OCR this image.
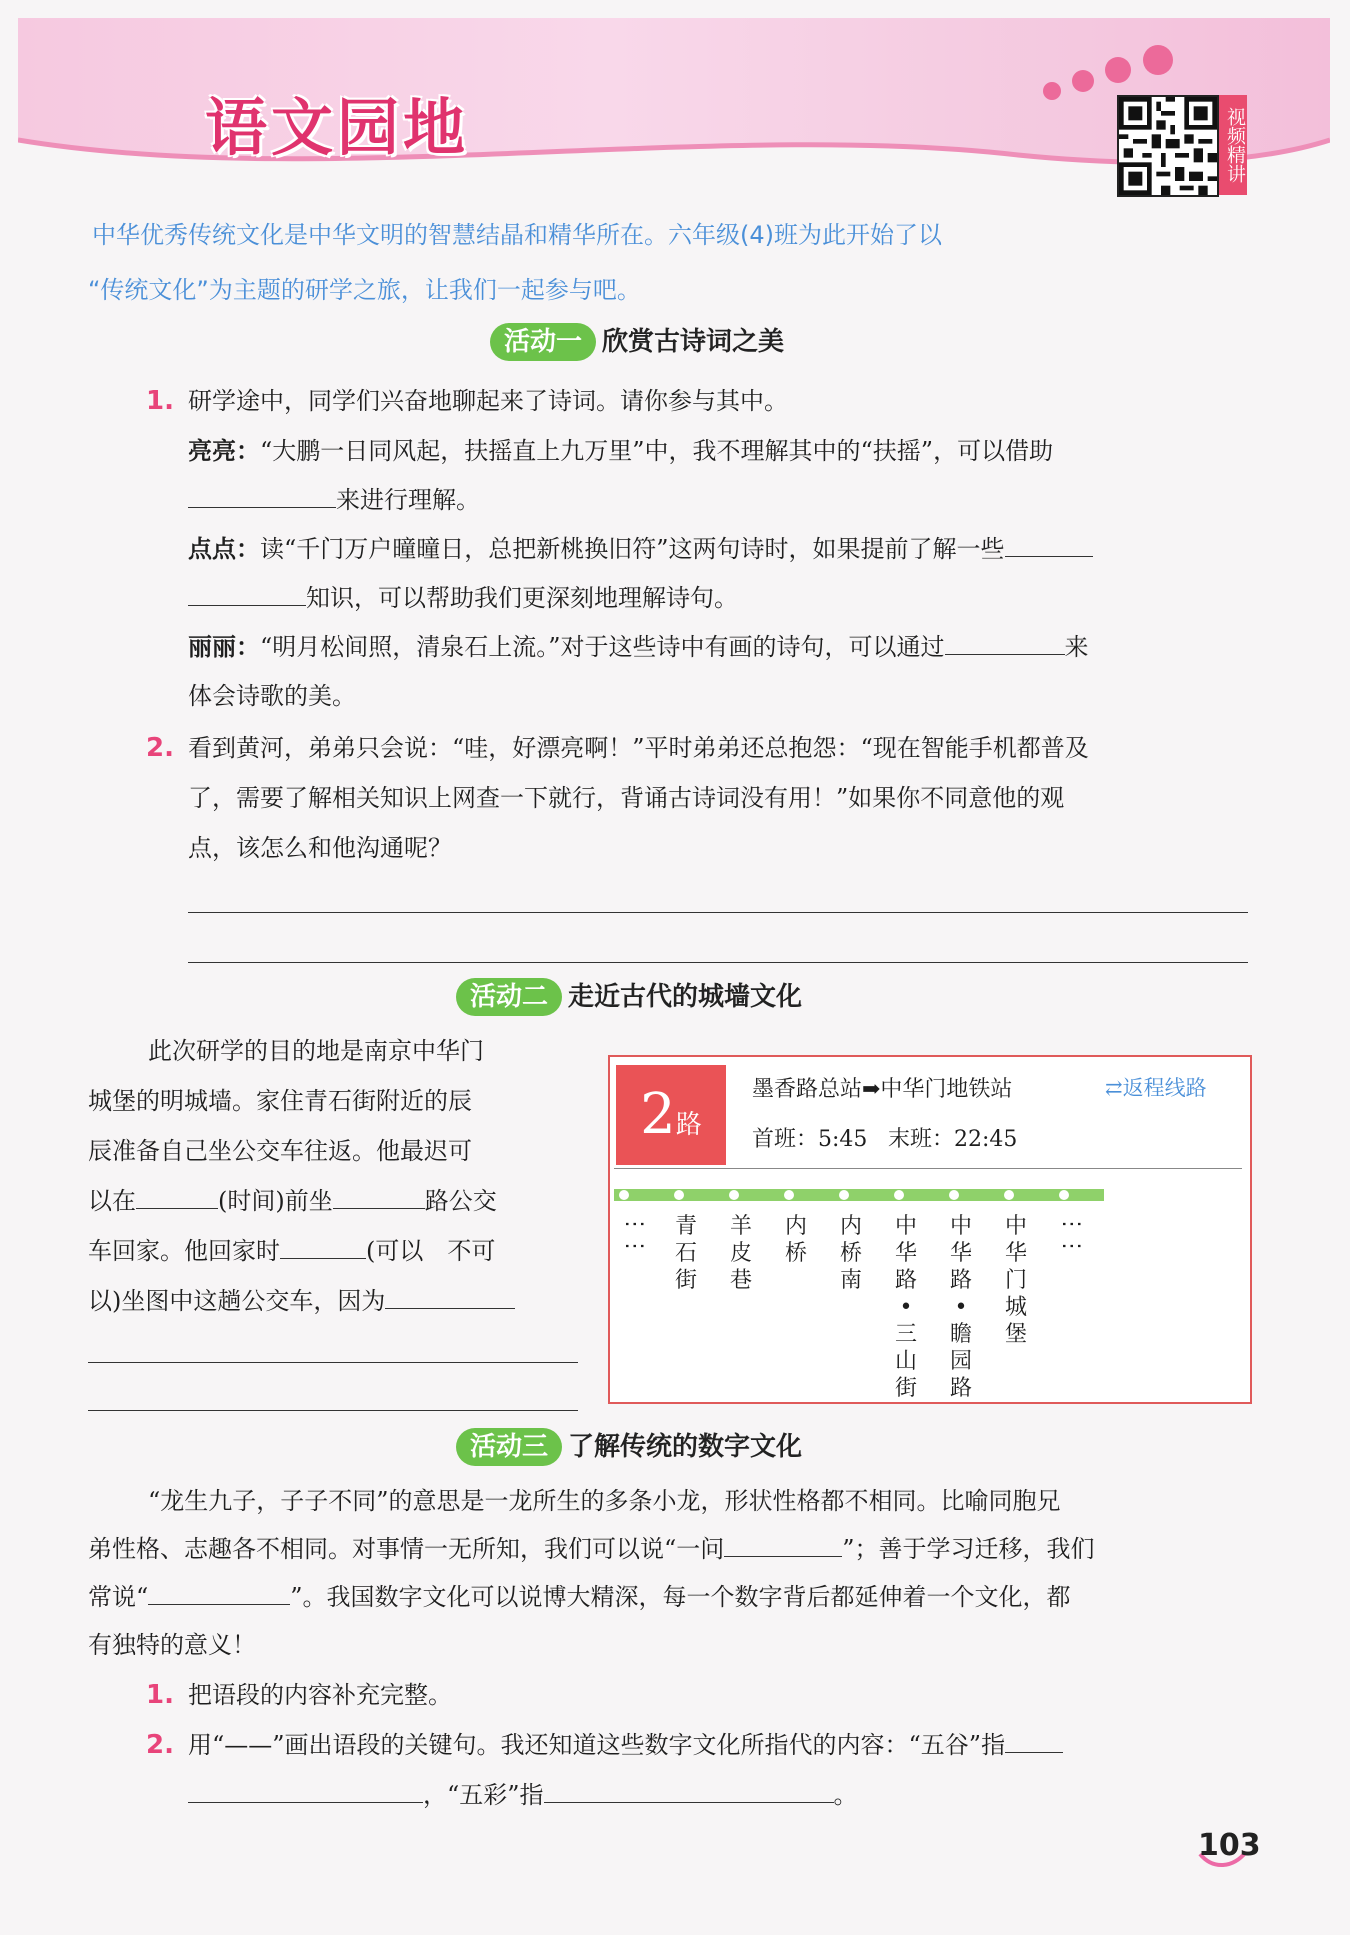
语文园地	视频精讲
中华优秀传统文化是中华文明的智慧结晶和精华所在。六年级(4)班为此开始了以
“传统文化”为主题的研学之旅，让我们一起参与吧。
活动一 欣赏古诗词之美
1. 研学途中，同学们兴奋地聊起来了诗词。请你参与其中。
亮亮：“大鹏一日同风起，扶摇直上九万里”中，我不理解其中的“扶摇”，可以借助
来进行理解。
点点：读“千门万户曈曈日，总把新桃换旧符”这两句诗时，如果提前了解一些
知识，可以帮助我们更深刻地理解诗句。
丽丽：“明月松间照，清泉石上流。”对于这些诗中有画的诗句，可以通过	来
体会诗歌的美。
2. 看到黄河，弟弟只会说：“哇，好漂亮啊！”平时弟弟还总抱怨：“现在智能手机都普及
了，需要了解相关知识上网查一下就行，背诵古诗词没有用！”如果你不同意他的观
点，该怎么和他沟通呢？
活动二 走近古代的城墙文化
此次研学的目的地是南京中华门
城堡的明城墙。家住青石街附近的辰
辰准备自己坐公交车往返。他最迟可
以在	(时间)前坐	路公交
车回家。他回家时	(可以　不可
以)坐图中这趟公交车，因为
2路
墨香路总站➡中华门地铁站	⇄返程线路
首班：5:45 末班：22:45
⋮⋮ 青石街
羊皮巷
内桥
内桥南
中华路•三山街
中华路•瞻园路
中华门城堡
⋮⋮
活动三 了解传统的数字文化
“龙生九子，子子不同”的意思是一龙所生的多条小龙，形状性格都不相同。比喻同胞兄
弟性格、志趣各不相同。对事情一无所知，我们可以说“一问	”；善于学习迁移，我们
常说“	”。我国数字文化可以说博大精深，每一个数字背后都延伸着一个文化，都
有独特的意义！
1. 把语段的内容补充完整。
2. 用“——”画出语段的关键句。我还知道这些数字文化所指代的内容：“五谷”指
，“五彩”指	。
103
